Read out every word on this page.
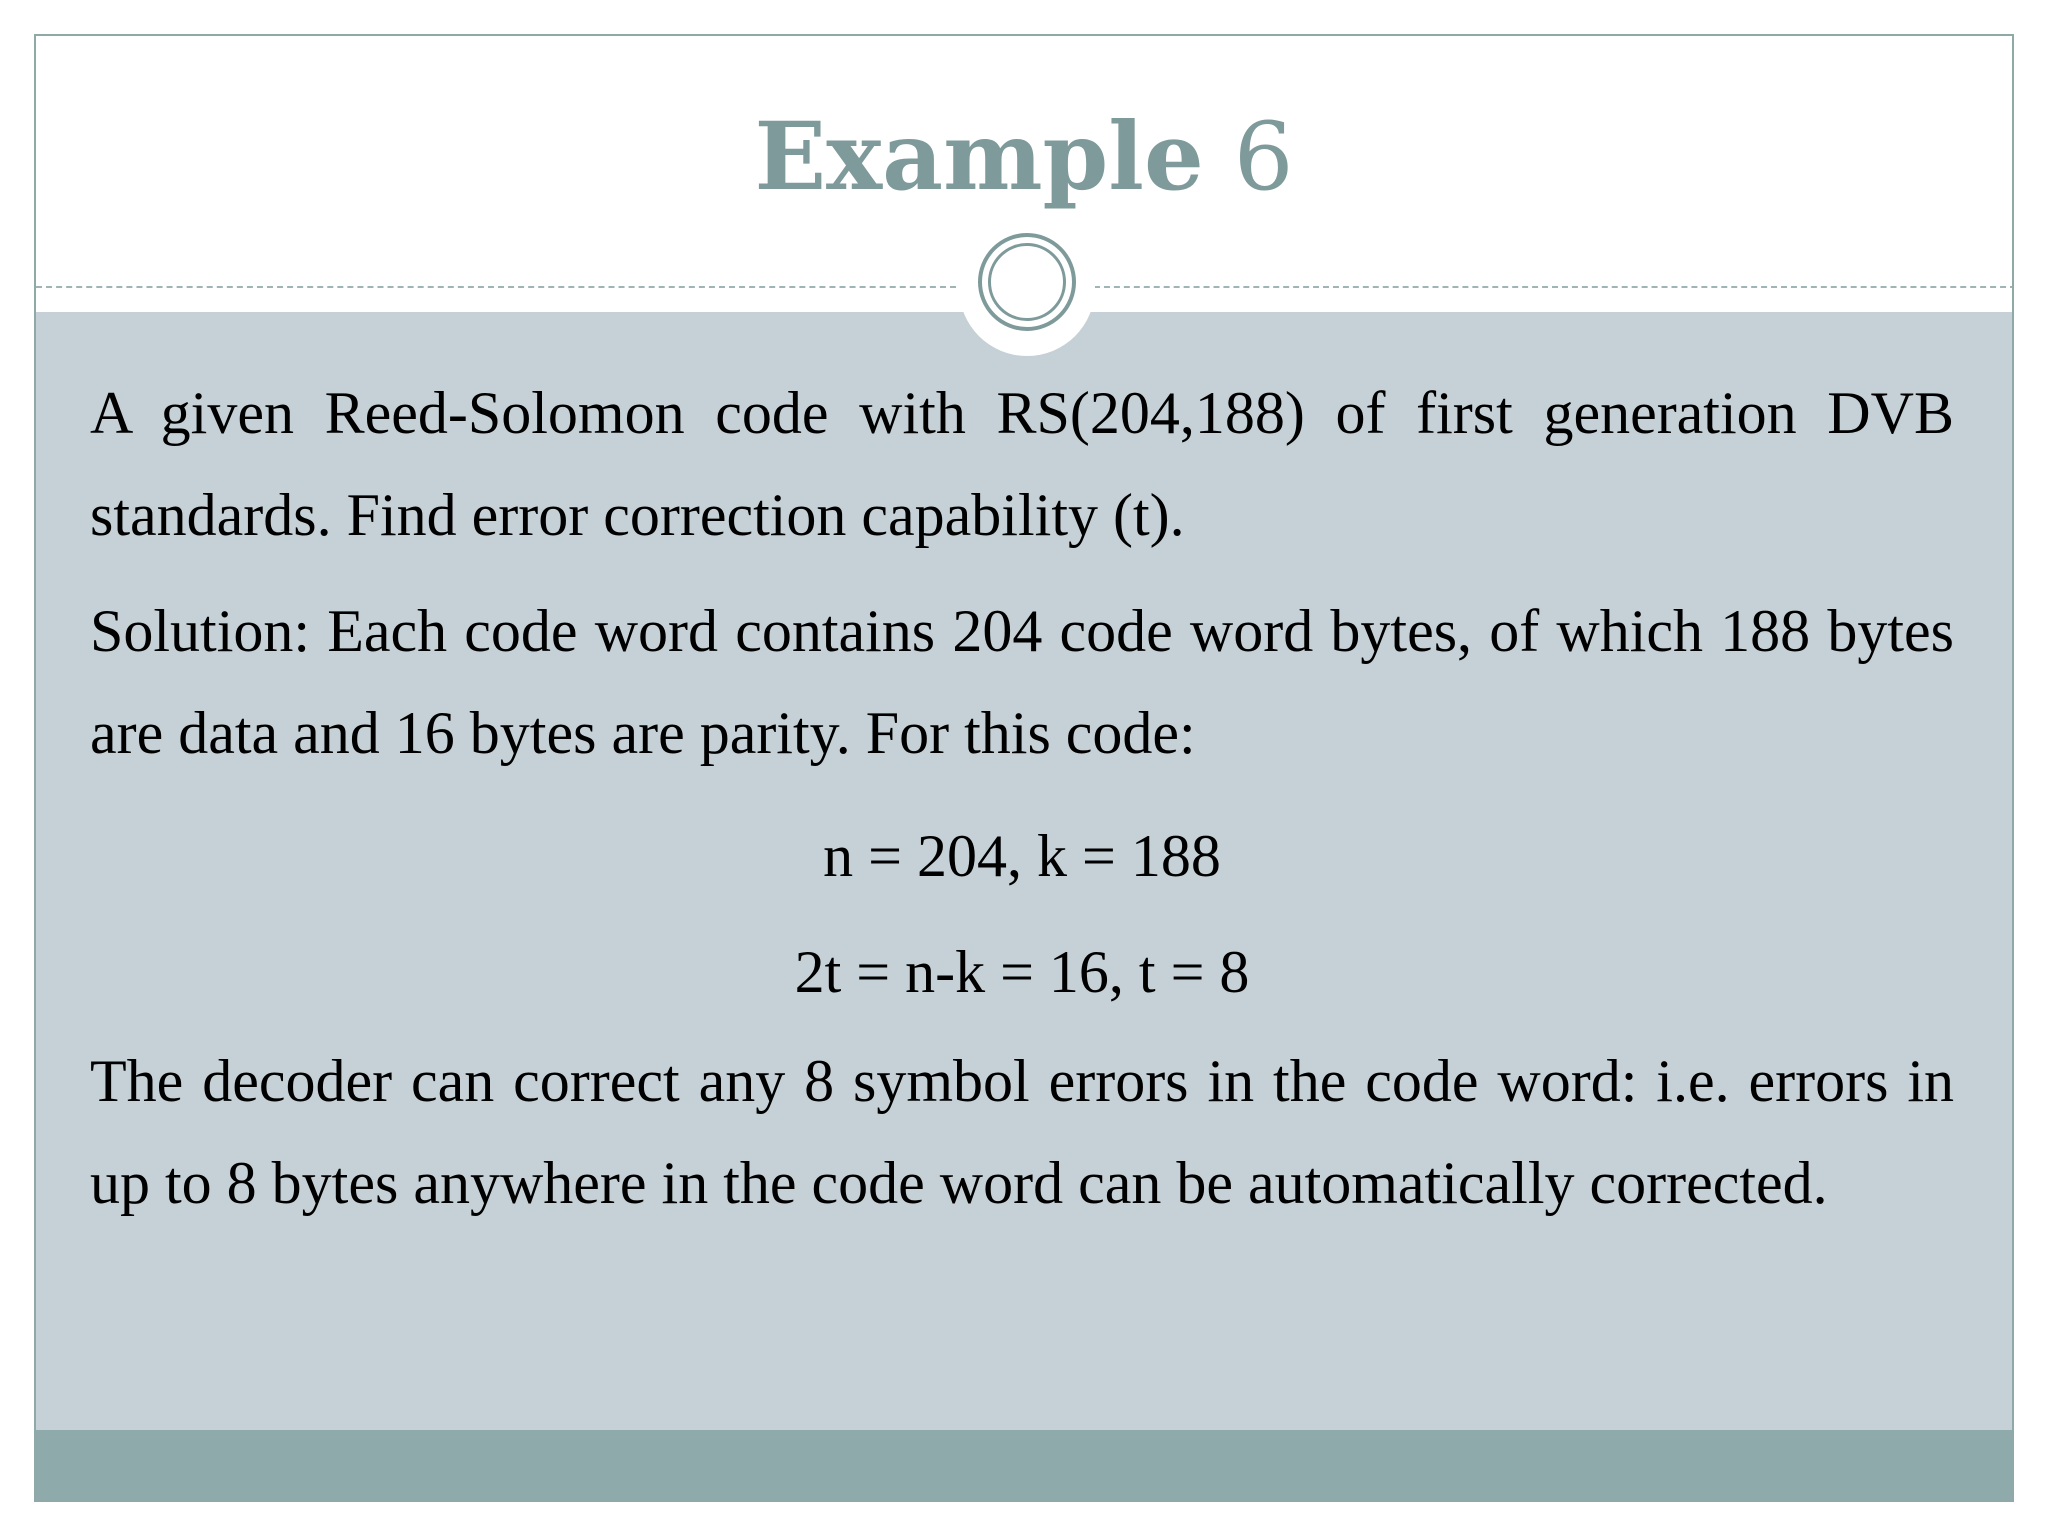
Example 6

A given Reed-Solomon code with RS(204,188) of first generation DVB standards. Find error correction capability (t).

Solution: Each code word contains 204 code word bytes, of which 188 bytes are data and 16 bytes are parity. For this code:

n = 204, k = 188

2t = n-k = 16, t = 8

The decoder can correct any 8 symbol errors in the code word: i.e. errors in up to 8 bytes anywhere in the code word can be automatically corrected.
